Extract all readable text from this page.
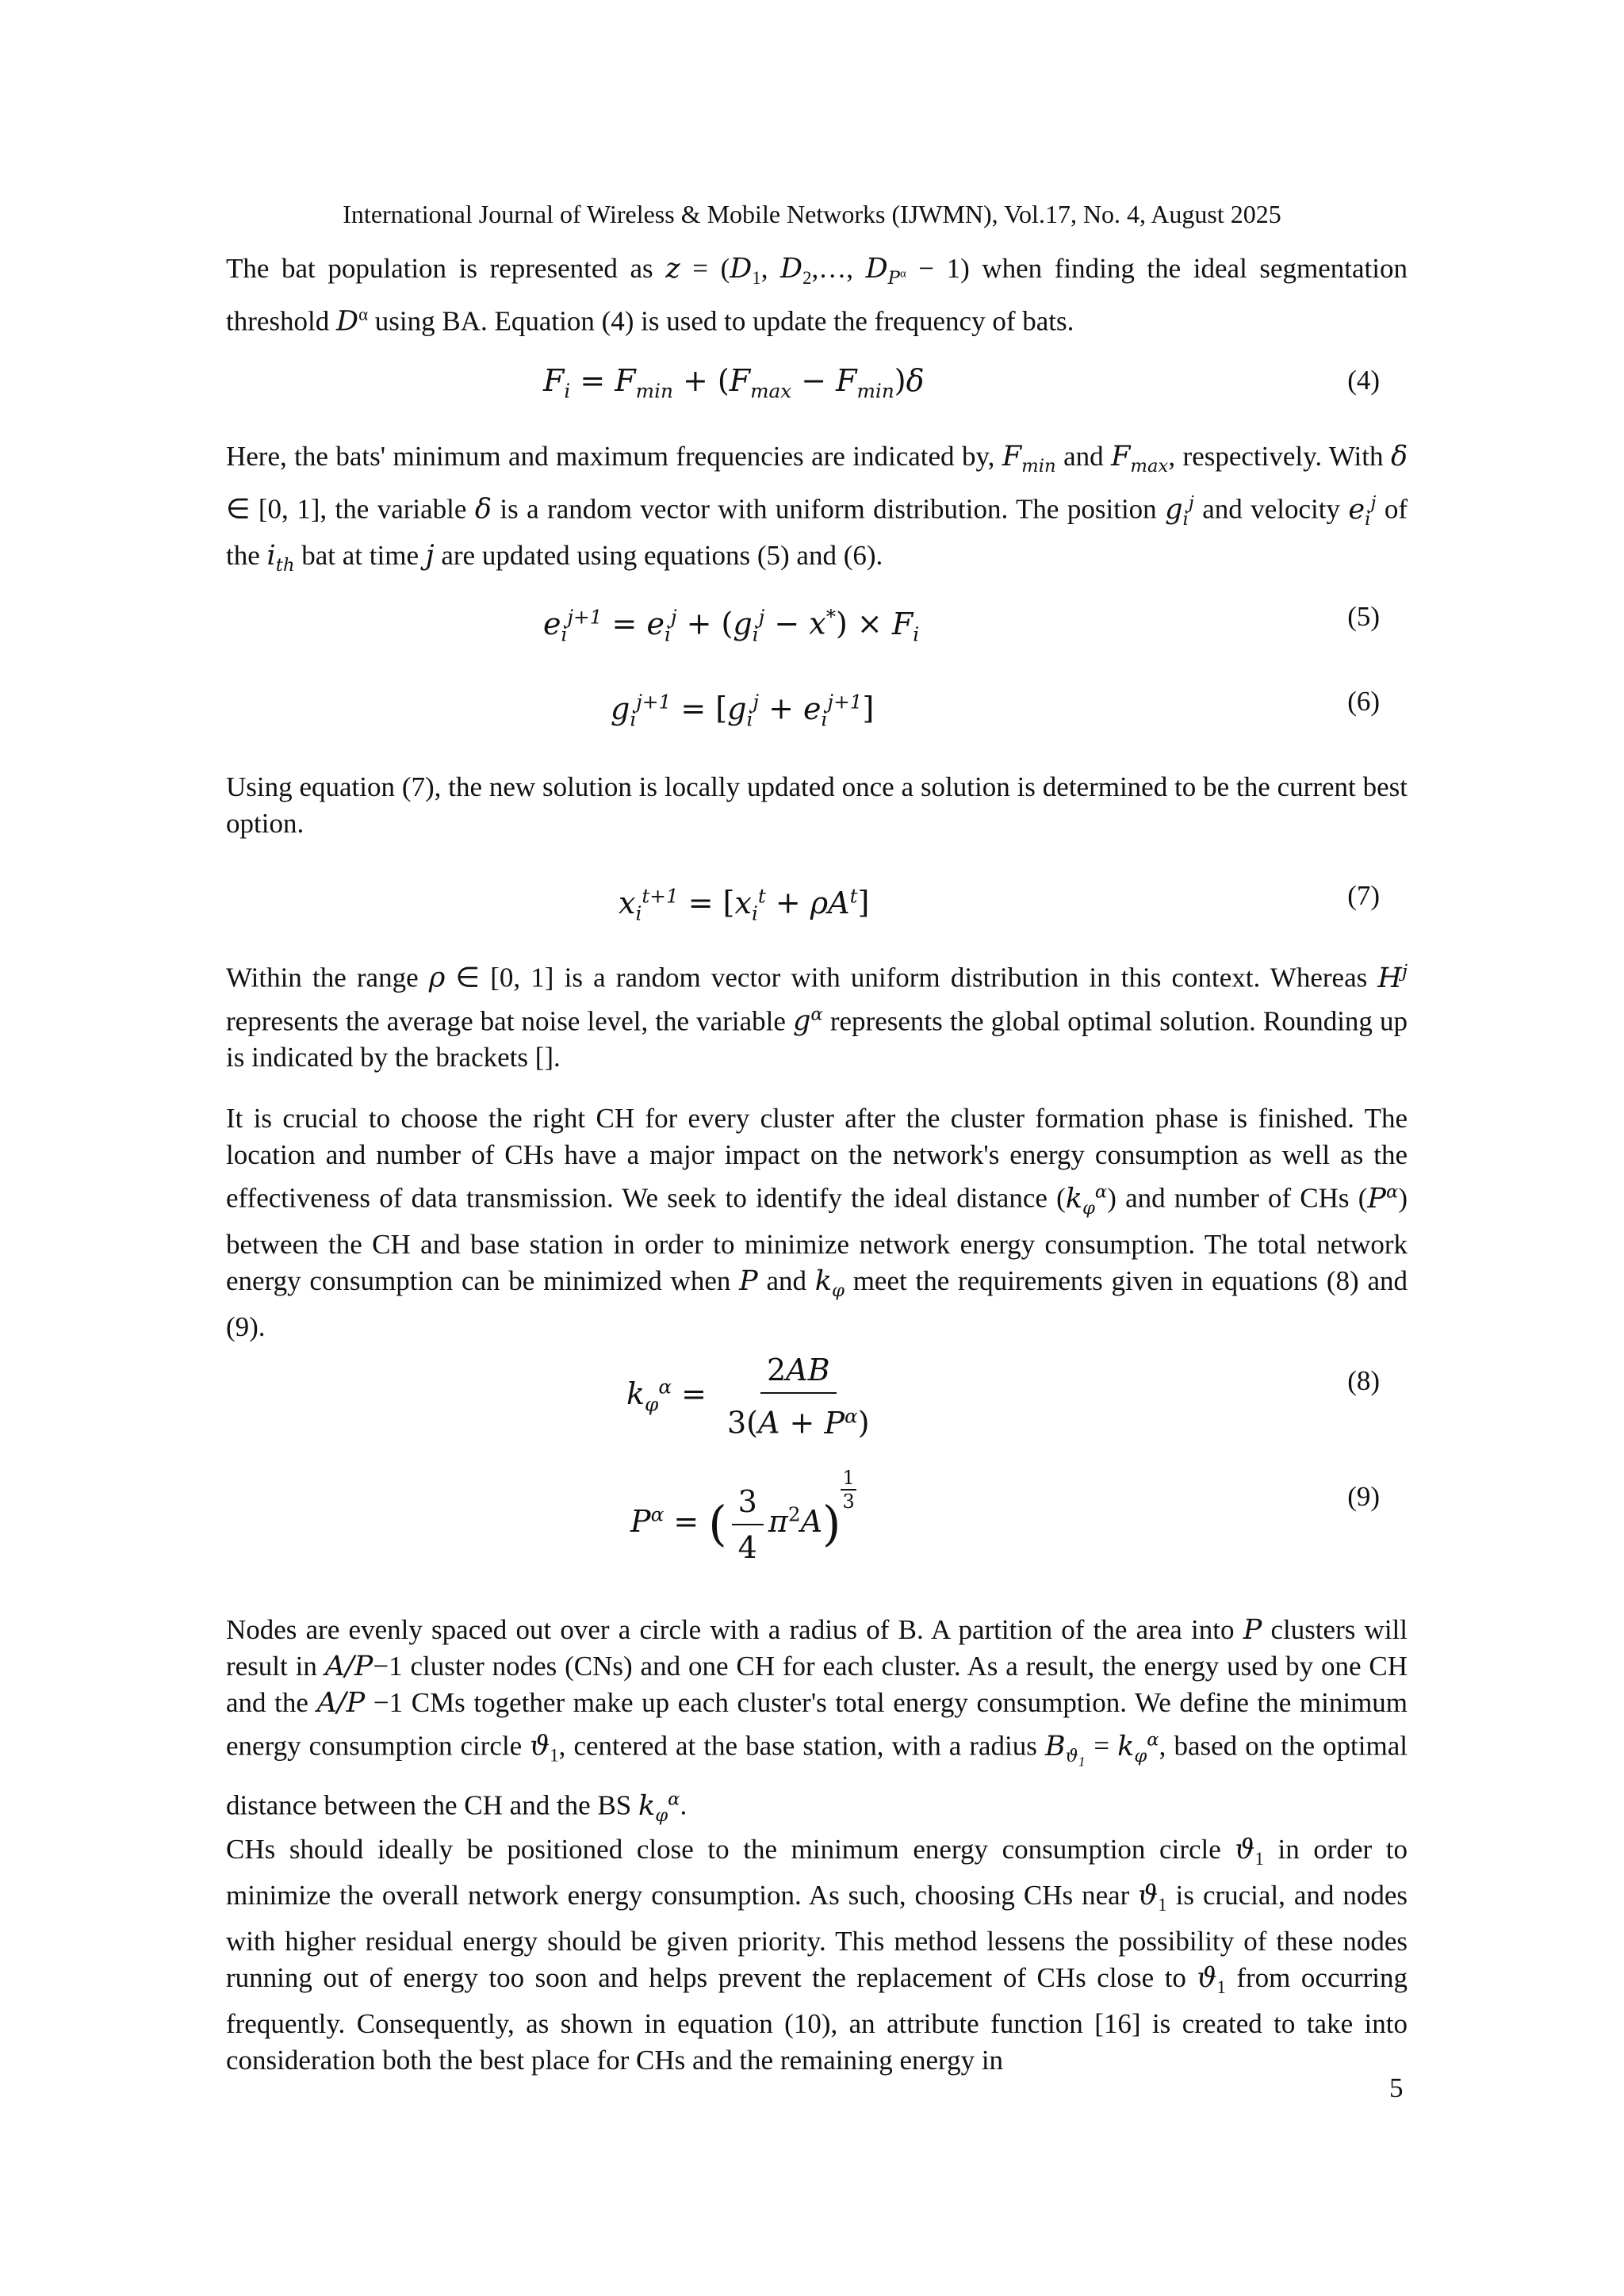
International Journal of Wireless & Mobile Networks (IJWMN), Vol.17, No. 4, August 2025
The bat population is represented as $z = (D_1$, $D_2,\dots$, $D_{P^\alpha} - 1$) when finding the ideal segmentation threshold $D^\alpha$ using BA. Equation (4) is used to update the frequency of bats.
$F_i = F_{min} + (F_{max} - F_{min})\delta$	(4)
Here, the bats' minimum and maximum frequencies are indicated by, $F_{min}$ and $F_{max}$, respectively. With δ ∈ [0, 1], the variable δ is a random vector with uniform distribution. The position $g_i^j$ and velocity $e_i^j$ of the $i_{th}$ bat at time j are updated using equations (5) and (6).
$e_i^{j+1} = e_i^j + (g_i^j - x^*) \times F_i$
(5)
$g_i^{j+1} = [g_i^j + e_i^{j+1}]$	(6)
Using equation (7), the new solution is locally updated once a solution is determined to be the current best option.
$x_i^{t+1} = [x_i^t + \rho A^t]$	(7)
Within the range ρ ∈ [0, 1] is a random vector with uniform distribution in this context. Whereas $H^j$ represents the average bat noise level, the variable $g^\alpha$ represents the global optimal solution. Rounding up is indicated by the brackets [].
It is crucial to choose the right CH for every cluster after the cluster formation phase is finished. The location and number of CHs have a major impact on the network's energy consumption as well as the effectiveness of data transmission. We seek to identify the ideal distance $(k_\varphi^\alpha)$ and number of CHs $(P^\alpha)$ between the CH and base station in order to minimize network energy consumption. The total network energy consumption can be minimized when P and $k_\varphi$ meet the requirements given in equations (8) and (9).
$k_\varphi^\alpha = \frac{2AB}{3(A + P^\alpha)}$	(8)
$P^\alpha$ = ( $\frac{3}{4} \pi^2A$)
$^{\frac{1}{3}}$	(9)
Nodes are evenly spaced out over a circle with a radius of B. A partition of the area into P clusters will result in A/P−1 cluster nodes (CNs) and one CH for each cluster. As a result, the energy used by one CH and the A/P −1 CMs together make up each cluster's total energy consumption. We define the minimum energy consumption circle $ϑ_1$, centered at the base station, with a radius $B_{ϑ_1} = k_\varphi^\alpha$, based on the optimal distance between the CH and the BS $k_\varphi^\alpha$.
CHs should ideally be positioned close to the minimum energy consumption circle $ϑ_1$ in order to minimize the overall network energy consumption. As such, choosing CHs near $ϑ_1$ is crucial, and nodes with higher residual energy should be given priority. This method lessens the possibility of these nodes running out of energy too soon and helps prevent the replacement of CHs close to $ϑ_1$ from occurring frequently. Consequently, as shown in equation (10), an attribute function [16] is created to take into consideration both the best place for CHs and the remaining energy in
5
